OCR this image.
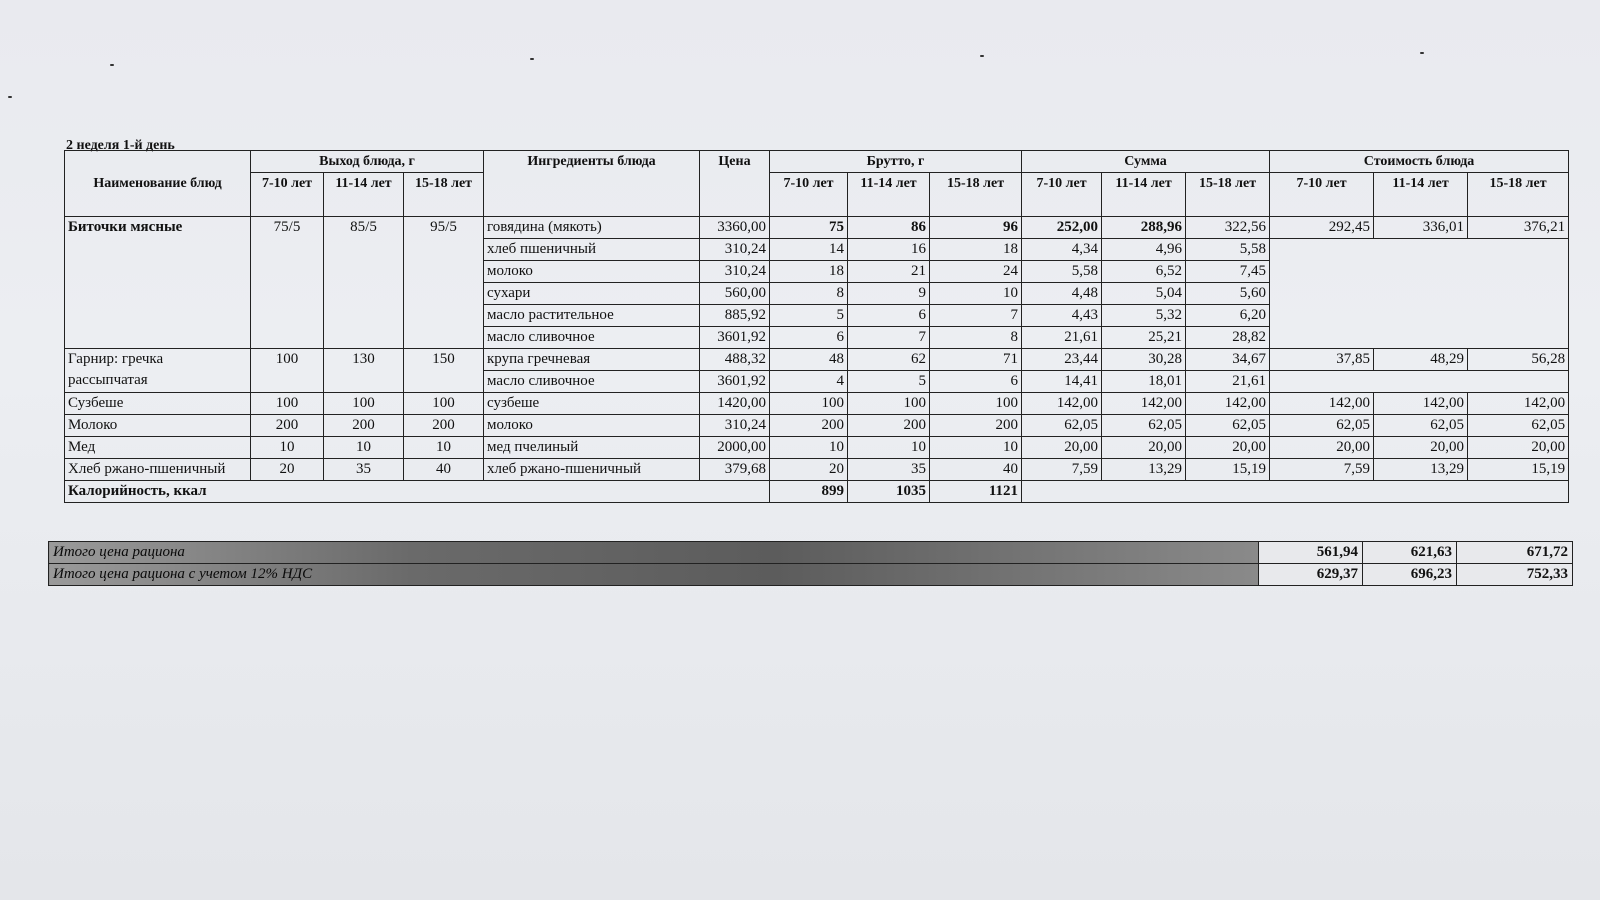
2 неделя 1-й день
Наименование блюд	Выход блюда, г			Ингредиенты блюда	Цена	Брутто, г			Сумма			Стоимость блюда		
	7-10 лет	11-14 лет	15-18 лет			7-10 лет	11-14 лет	15-18 лет	7-10 лет	11-14 лет	15-18 лет	7-10 лет	11-14 лет	15-18 лет
Биточки мясные	75/5	85/5	95/5	говядина (мякоть)	3360,00	75	86	96	252,00	288,96	322,56	292,45	336,01	376,21
				хлеб пшеничный	310,24	14	16	18	4,34	4,96	5,58			
				молоко	310,24	18	21	24	5,58	6,52	7,45			
				сухари	560,00	8	9	10	4,48	5,04	5,60			
				масло растительное	885,92	5	6	7	4,43	5,32	6,20			
				масло сливочное	3601,92	6	7	8	21,61	25,21	28,82			
Гарнир: гречка
рассыпчатая	100	130	150	крупа гречневая	488,32	48	62	71	23,44	30,28	34,67	37,85	48,29	56,28
				масло сливочное	3601,92	4	5	6	14,41	18,01	21,61			
Сузбеше	100	100	100	сузбеше	1420,00	100	100	100	142,00	142,00	142,00	142,00	142,00	142,00
Молоко	200	200	200	молоко	310,24	200	200	200	62,05	62,05	62,05	62,05	62,05	62,05
Мед	10	10	10	мед пчелиный	2000,00	10	10	10	20,00	20,00	20,00	20,00	20,00	20,00
Хлеб ржано-пшеничный	20	35	40	хлеб ржано-пшеничный	379,68	20	35	40	7,59	13,29	15,19	7,59	13,29	15,19
Калорийность, ккал						899	1035	1121						
Итого цена рациона	561,94	621,63	671,72
Итого цена рациона с учетом 12% НДС	629,37	696,23	752,33
